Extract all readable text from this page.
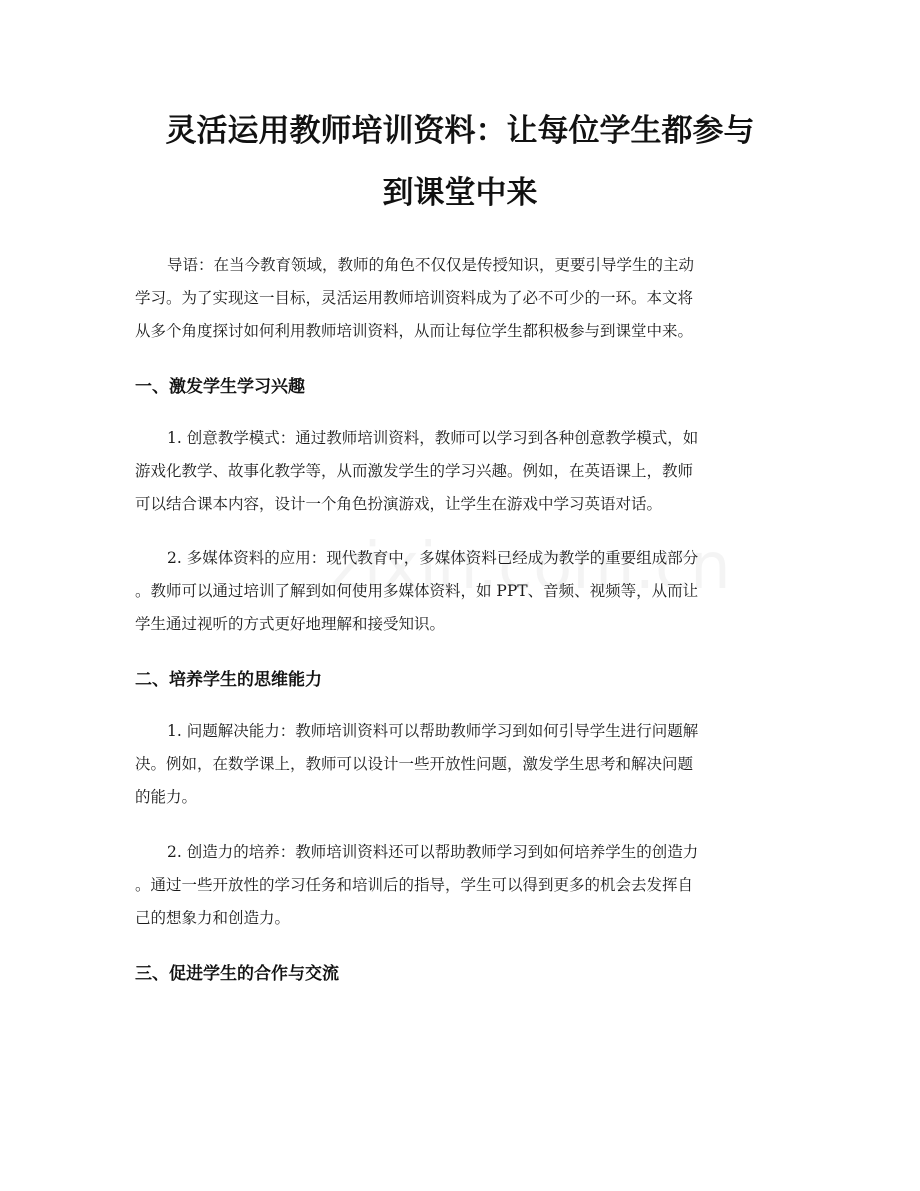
灵活运用教师培训资料：让每位学生都参与
到课堂中来

导语：在当今教育领域，教师的角色不仅仅是传授知识，更要引导学生的主动

学习。为了实现这一目标，灵活运用教师培训资料成为了必不可少的一环。本文将

从多个角度探讨如何利用教师培训资料，从而让每位学生都积极参与到课堂中来。

一、激发学生学习兴趣

1. 创意教学模式：通过教师培训资料，教师可以学习到各种创意教学模式，如

游戏化教学、故事化教学等，从而激发学生的学习兴趣。例如，在英语课上，教师

可以结合课本内容，设计一个角色扮演游戏，让学生在游戏中学习英语对话。

2. 多媒体资料的应用：现代教育中，多媒体资料已经成为教学的重要组成部分

。教师可以通过培训了解到如何使用多媒体资料，如 PPT、音频、视频等，从而让

学生通过视听的方式更好地理解和接受知识。

二、培养学生的思维能力

1. 问题解决能力：教师培训资料可以帮助教师学习到如何引导学生进行问题解

决。例如，在数学课上，教师可以设计一些开放性问题，激发学生思考和解决问题

的能力。

2. 创造力的培养：教师培训资料还可以帮助教师学习到如何培养学生的创造力

。通过一些开放性的学习任务和培训后的指导，学生可以得到更多的机会去发挥自

己的想象力和创造力。

三、促进学生的合作与交流
